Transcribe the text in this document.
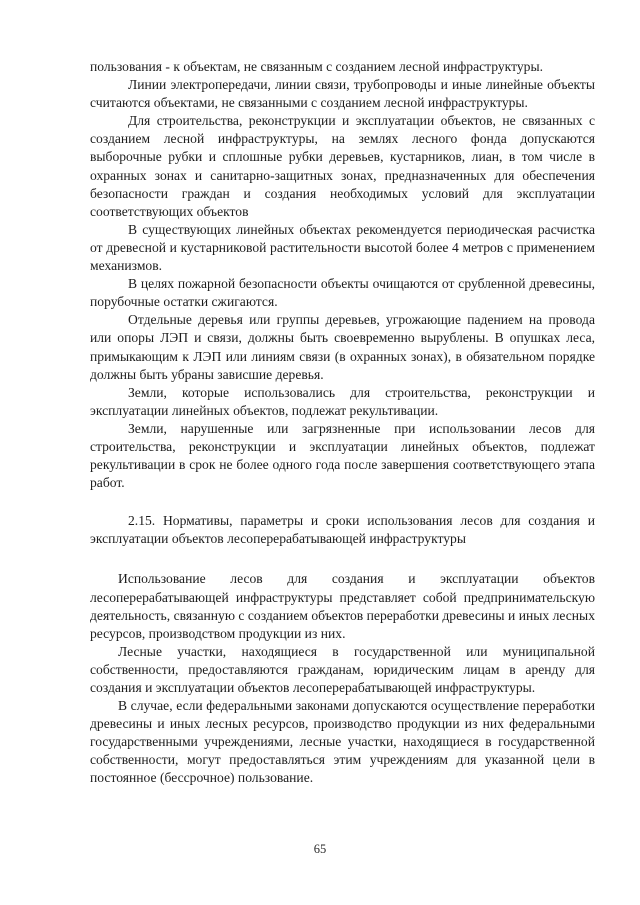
пользования - к объектам, не связанным с созданием лесной инфраструктуры.

Линии электропередачи, линии связи, трубопроводы и иные линейные объекты считаются объектами, не связанными с созданием лесной инфраструктуры.

Для строительства, реконструкции и эксплуатации объектов, не связанных с созданием лесной инфраструктуры, на землях лесного фонда допускаются выборочные рубки и сплошные рубки деревьев, кустарников, лиан, в том числе в охранных зонах и санитарно-защитных зонах, предназначенных для обеспечения безопасности граждан и создания необходимых условий для эксплуатации соответствующих объектов

В существующих линейных объектах рекомендуется периодическая расчистка от древесной и кустарниковой растительности высотой более 4 метров с применением механизмов.

В целях пожарной безопасности объекты очищаются от срубленной древесины, порубочные остатки сжигаются.

Отдельные деревья или группы деревьев, угрожающие падением на провода или опоры ЛЭП и связи, должны быть своевременно вырублены. В опушках леса, примыкающим к ЛЭП или линиям связи (в охранных зонах), в обязательном порядке должны быть убраны зависшие деревья.

Земли, которые использовались для строительства, реконструкции и эксплуатации линейных объектов, подлежат рекультивации.

Земли, нарушенные или загрязненные при использовании лесов для строительства, реконструкции и эксплуатации линейных объектов, подлежат рекультивации в срок не более одного года после завершения соответствующего этапа работ.

2.15. Нормативы, параметры и сроки использования лесов для создания и эксплуатации объектов лесоперерабатывающей инфраструктуры

Использование лесов для создания и эксплуатации объектов лесоперерабатывающей инфраструктуры представляет собой предпринимательскую деятельность, связанную с созданием объектов переработки древесины и иных лесных ресурсов, производством продукции из них.

Лесные участки, находящиеся в государственной или муниципальной собственности, предоставляются гражданам, юридическим лицам в аренду для создания и эксплуатации объектов лесоперерабатывающей инфраструктуры.

В случае, если федеральными законами допускаются осуществление переработки древесины и иных лесных ресурсов, производство продукции из них федеральными государственными учреждениями, лесные участки, находящиеся в государственной собственности, могут предоставляться этим учреждениям для указанной цели в постоянное (бессрочное) пользование.

65
